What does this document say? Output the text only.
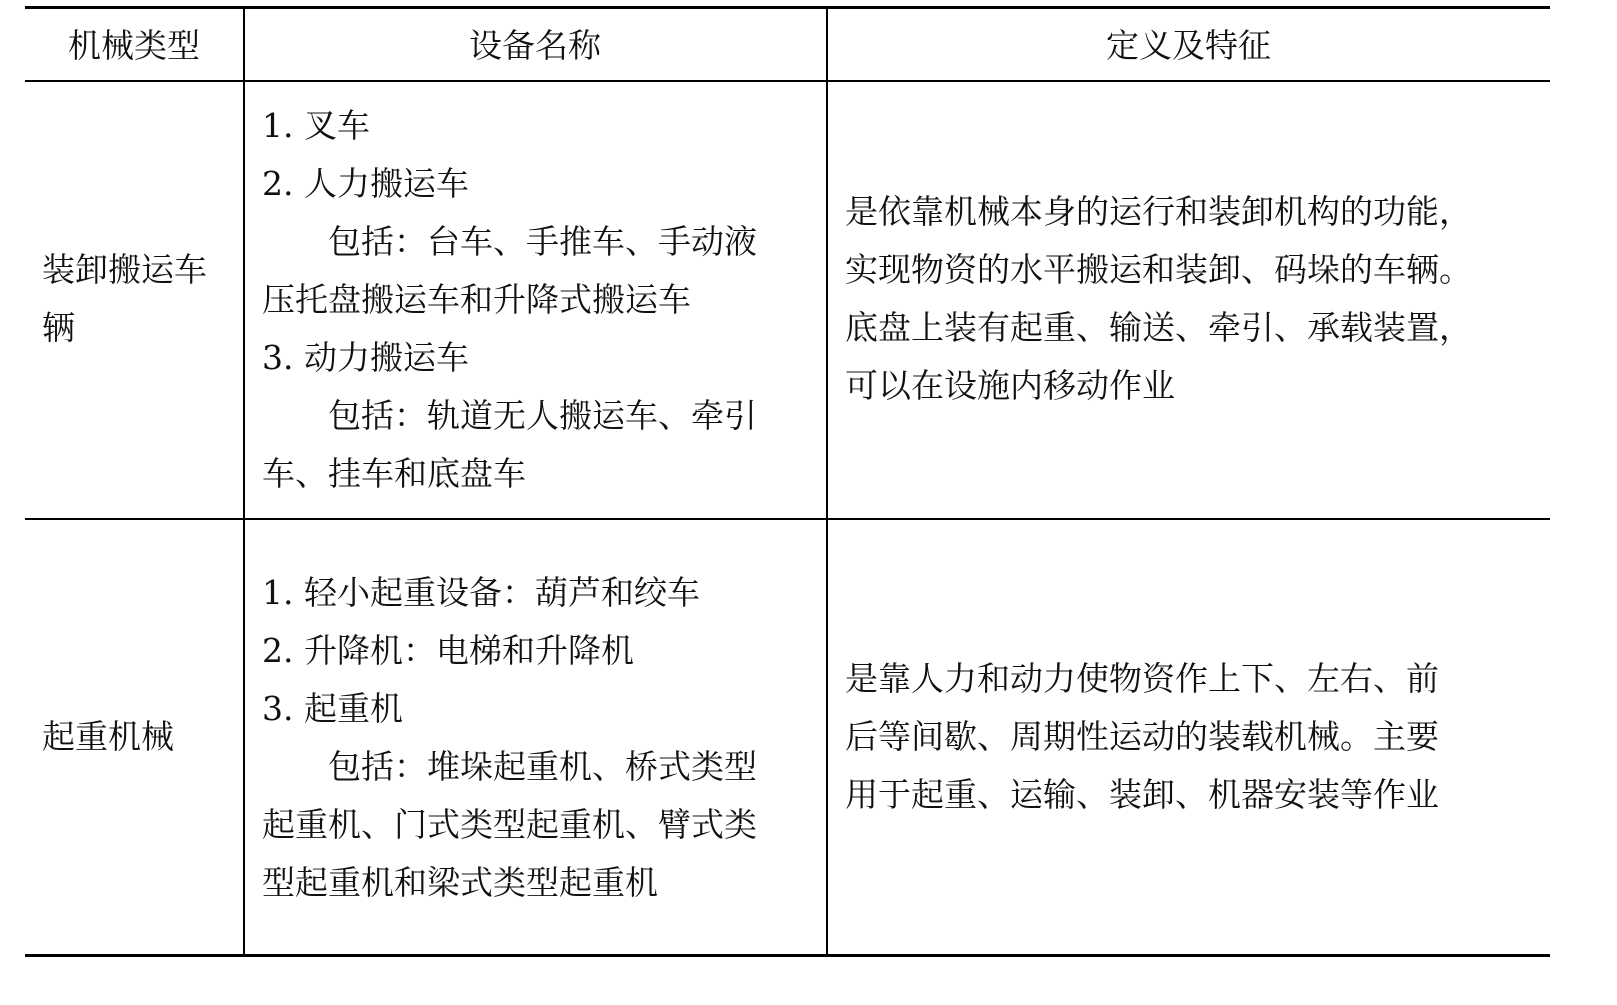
机械类型	设备名称	定义及特征
装卸搬运车
辆
1. 叉车
2. 人力搬运车
　　包括：台车、手推车、手动液
压托盘搬运车和升降式搬运车
3. 动力搬运车
　　包括：轨道无人搬运车、牵引
车、挂车和底盘车
是依靠机械本身的运行和装卸机构的功能，
实现物资的水平搬运和装卸、码垛的车辆。
底盘上装有起重、输送、牵引、承载装置，
可以在设施内移动作业
起重机械
1. 轻小起重设备：葫芦和绞车
2. 升降机：电梯和升降机
3. 起重机
　　包括：堆垛起重机、桥式类型
起重机、门式类型起重机、臂式类
型起重机和梁式类型起重机
是靠人力和动力使物资作上下、左右、前
后等间歇、周期性运动的装载机械。主要
用于起重、运输、装卸、机器安装等作业
